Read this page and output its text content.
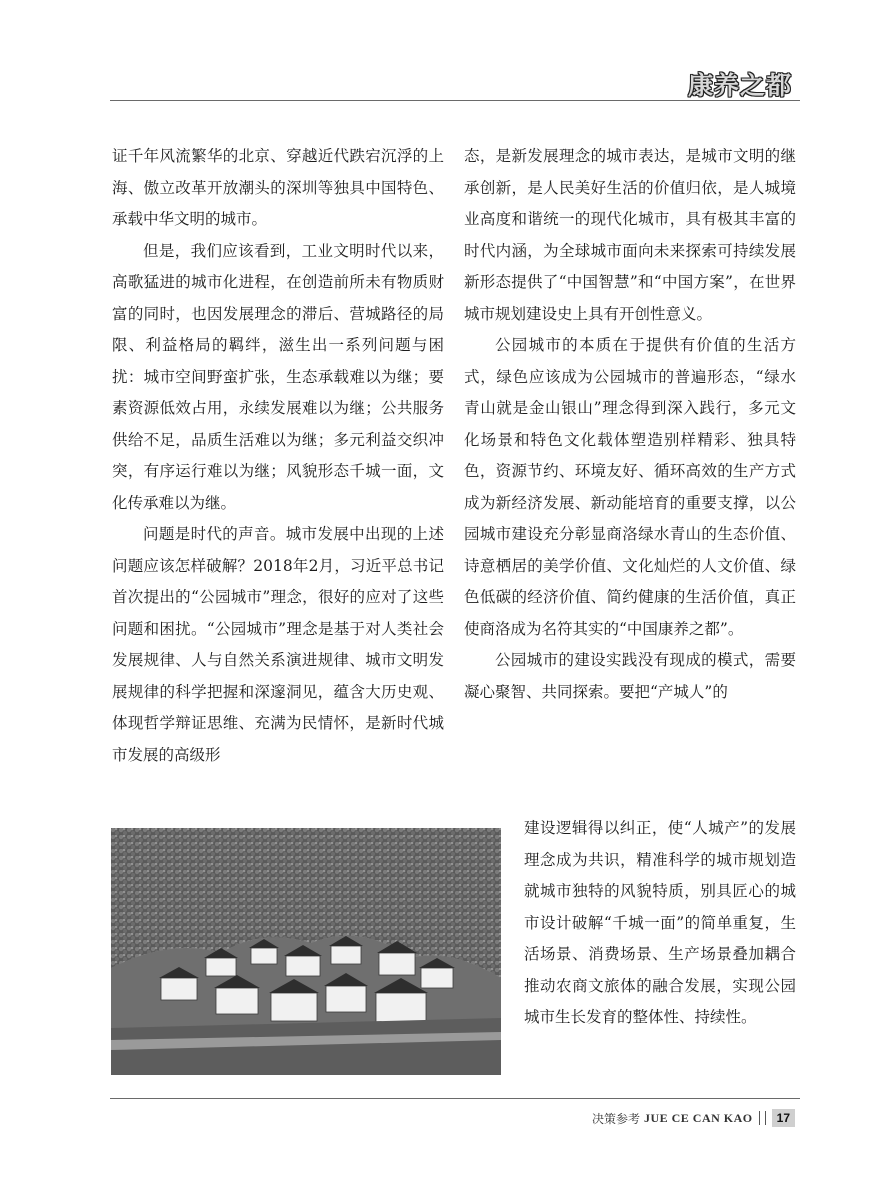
康养之都

证千年风流繁华的北京、穿越近代跌宕沉浮的上海、傲立改革开放潮头的深圳等独具中国特色、承载中华文明的城市。

但是，我们应该看到，工业文明时代以来，高歌猛进的城市化进程，在创造前所未有物质财富的同时，也因发展理念的滞后、营城路径的局限、利益格局的羁绊，滋生出一系列问题与困扰：城市空间野蛮扩张，生态承载难以为继；要素资源低效占用，永续发展难以为继；公共服务供给不足，品质生活难以为继；多元利益交织冲突，有序运行难以为继；风貌形态千城一面，文化传承难以为继。

问题是时代的声音。城市发展中出现的上述问题应该怎样破解？2018年2月，习近平总书记首次提出的“公园城市”理念，很好的应对了这些问题和困扰。“公园城市”理念是基于对人类社会发展规律、人与自然关系演进规律、城市文明发展规律的科学把握和深邃洞见，蕴含大历史观、体现哲学辩证思维、充满为民情怀，是新时代城市发展的高级形

态，是新发展理念的城市表达，是城市文明的继承创新，是人民美好生活的价值归依，是人城境业高度和谐统一的现代化城市，具有极其丰富的时代内涵，为全球城市面向未来探索可持续发展新形态提供了“中国智慧”和“中国方案”，在世界城市规划建设史上具有开创性意义。

公园城市的本质在于提供有价值的生活方式，绿色应该成为公园城市的普遍形态，“绿水青山就是金山银山”理念得到深入践行，多元文化场景和特色文化载体塑造别样精彩、独具特色，资源节约、环境友好、循环高效的生产方式成为新经济发展、新动能培育的重要支撑，以公园城市建设充分彰显商洛绿水青山的生态价值、诗意栖居的美学价值、文化灿烂的人文价值、绿色低碳的经济价值、简约健康的生活价值，真正使商洛成为名符其实的“中国康养之都”。

公园城市的建设实践没有现成的模式，需要凝心聚智、共同探索。要把“产城人”的

建设逻辑得以纠正，使“人城产”的发展理念成为共识，精准科学的城市规划造就城市独特的风貌特质，别具匠心的城市设计破解“千城一面”的简单重复，生活场景、消费场景、生产场景叠加耦合推动农商文旅体的融合发展，实现公园城市生长发育的整体性、持续性。

决策参考 JUE CE CAN KAO	17
